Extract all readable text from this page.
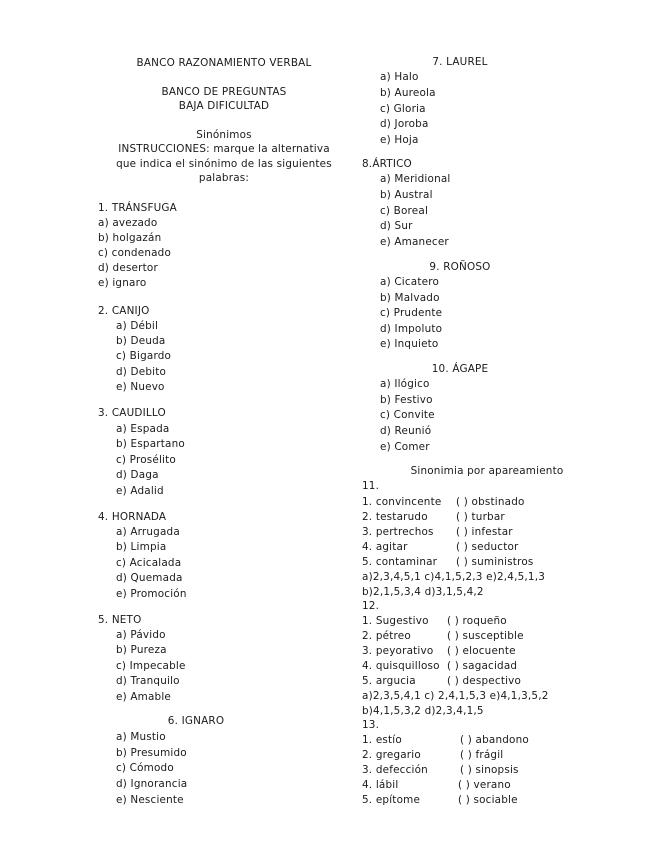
BANCO RAZONAMIENTO VERBAL
BANCO DE PREGUNTAS
BAJA DIFICULTAD
Sinónimos
INSTRUCCIONES: marque la alternativa
que indica el sinónimo de las siguientes
palabras:
1. TRÁNSFUGA
a) avezado
b) holgazán
c) condenado
d) desertor
e) ignaro
2. CANIJO
a) Débil
b) Deuda
c) Bigardo
d) Debito
e) Nuevo
3. CAUDILLO
a) Espada
b) Espartano
c) Prosélito
d) Daga
e) Adalid
4. HORNADA
a) Arrugada
b) Limpia
c) Acicalada
d) Quemada
e) Promoción
5. NETO
a) Pávido
b) Pureza
c) Impecable
d) Tranquilo
e) Amable
6. IGNARO
a) Mustio
b) Presumido
c) Cómodo
d) Ignorancia
e) Nesciente
7. LAUREL
a) Halo
b) Aureola
c) Gloria
d) Joroba
e) Hoja
8.ÁRTICO
a) Meridional
b) Austral
c) Boreal
d) Sur
e) Amanecer
9. ROÑOSO
a) Cicatero
b) Malvado
c) Prudente
d) Impoluto
e) Inquieto
10. ÁGAPE
a) Ilógico
b) Festivo
c) Convite
d) Reunió
e) Comer
Sinonimia por apareamiento
11.
1. convincente ( ) obstinado
2. testarudo	( ) turbar
3. pertrechos ( ) infestar
4. agitar	( ) seductor
5. contaminar ( ) suministros
a)2,3,4,5,1 c)4,1,5,2,3 e)2,4,5,1,3
b)2,1,5,3,4 d)3,1,5,4,2
12.
1. Sugestivo ( ) roqueño
2. pétreo	( ) susceptible
3. peyorativo ( ) elocuente
4. quisquilloso ( ) sagacidad
5. argucia	( ) despectivo
a)2,3,5,4,1 c) 2,4,1,5,3 e)4,1,3,5,2
b)4,1,5,3,2 d)2,3,4,1,5
13.
1. estío	( ) abandono
2. gregario	( ) frágil
3. defección	( ) sinopsis
4. lábil	( ) verano
5. epítome	( ) sociable
